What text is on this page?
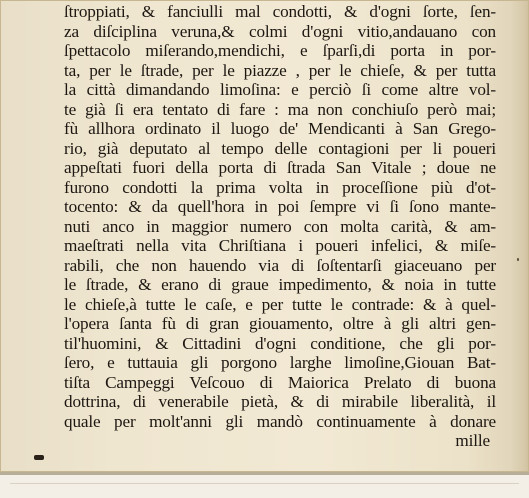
ſtroppiati, & fanciulli mal condotti, & d'ogni ſorte, ſen-
za diſciplina veruna,& colmi d'ogni vitio,andauano con
ſpettacolo miſerando,mendichi, e ſparſi,di porta in por-
ta, per le ſtrade, per le piazze , per le chieſe, & per tutta
la città dimandando limoſina: e perciò ſi come altre vol-
te già ſi era tentato di fare : ma non conchiuſo però mai;
fù allhora ordinato il luogo de' Mendicanti à San Grego-
rio, già deputato al tempo delle contagioni per li poueri
appeſtati fuori della porta di ſtrada San Vitale ; doue ne
furono condotti la prima volta in proceſſione più d'ot-
tocento: & da quell'hora in poi ſempre vi ſi ſono mante-
nuti anco in maggior numero con molta carità, & am-
maeſtrati nella vita Chriſtiana i poueri infelici, & miſe-
rabili, che non hauendo via di ſoſtentarſi giaceuano per
le ſtrade, & erano di graue impedimento, & noia in tutte
le chieſe,à tutte le caſe, e per tutte le contrade: & à quel-
l'opera ſanta fù di gran giouamento, oltre à gli altri gen-
til'huomini, & Cittadini d'ogni conditione, che gli por-
ſero, e tuttauia gli porgono larghe limoſine,Giouan Bat-
tiſta Campeggi Veſcouo di Maiorica Prelato di buona
dottrina, di venerabile pietà, & di mirabile liberalità, il
quale per molt'anni gli mandò continuamente à donare
mille
